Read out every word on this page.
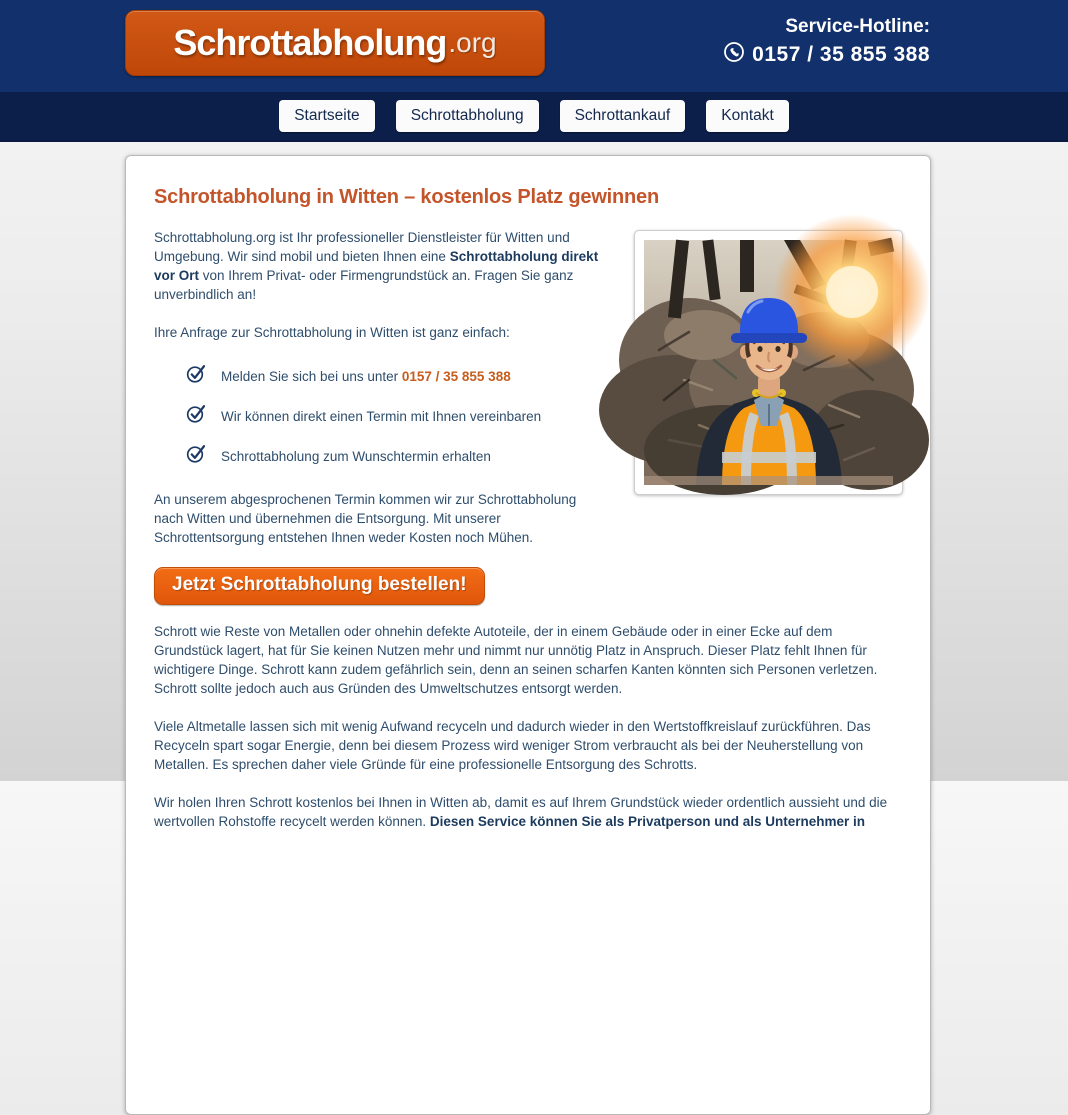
Schrottabholung .org
Service-Hotline:
0157 / 35 855 388
Startseite	Schrottabholung	Schrottankauf	Kontakt
Schrottabholung in Witten – kostenlos Platz gewinnen

Schrottabholung.org ist Ihr professioneller Dienstleister für Witten und Umgebung. Wir sind mobil und bieten Ihnen eine Schrottabholung direkt vor Ort von Ihrem Privat- oder Firmengrundstück an. Fragen Sie ganz unverbindlich an!

Ihre Anfrage zur Schrottabholung in Witten ist ganz einfach:

Melden Sie sich bei uns unter 0157 / 35 855 388
Wir können direkt einen Termin mit Ihnen vereinbaren
Schrottabholung zum Wunschtermin erhalten

An unserem abgesprochenen Termin kommen wir zur Schrottabholung nach Witten und übernehmen die Entsorgung. Mit unserer Schrottentsorgung entstehen Ihnen weder Kosten noch Mühen.

Jetzt Schrottabholung bestellen!

Schrott wie Reste von Metallen oder ohnehin defekte Autoteile, der in einem Gebäude oder in einer Ecke auf dem Grundstück lagert, hat für Sie keinen Nutzen mehr und nimmt nur unnötig Platz in Anspruch. Dieser Platz fehlt Ihnen für wichtigere Dinge. Schrott kann zudem gefährlich sein, denn an seinen scharfen Kanten könnten sich Personen verletzen. Schrott sollte jedoch auch aus Gründen des Umweltschutzes entsorgt werden.

Viele Altmetalle lassen sich mit wenig Aufwand recyceln und dadurch wieder in den Wertstoffkreislauf zurückführen. Das Recyceln spart sogar Energie, denn bei diesem Prozess wird weniger Strom verbraucht als bei der Neuherstellung von Metallen. Es sprechen daher viele Gründe für eine professionelle Entsorgung des Schrotts.

Wir holen Ihren Schrott kostenlos bei Ihnen in Witten ab, damit es auf Ihrem Grundstück wieder ordentlich aussieht und die wertvollen Rohstoffe recycelt werden können. Diesen Service können Sie als Privatperson und als Unternehmer in
